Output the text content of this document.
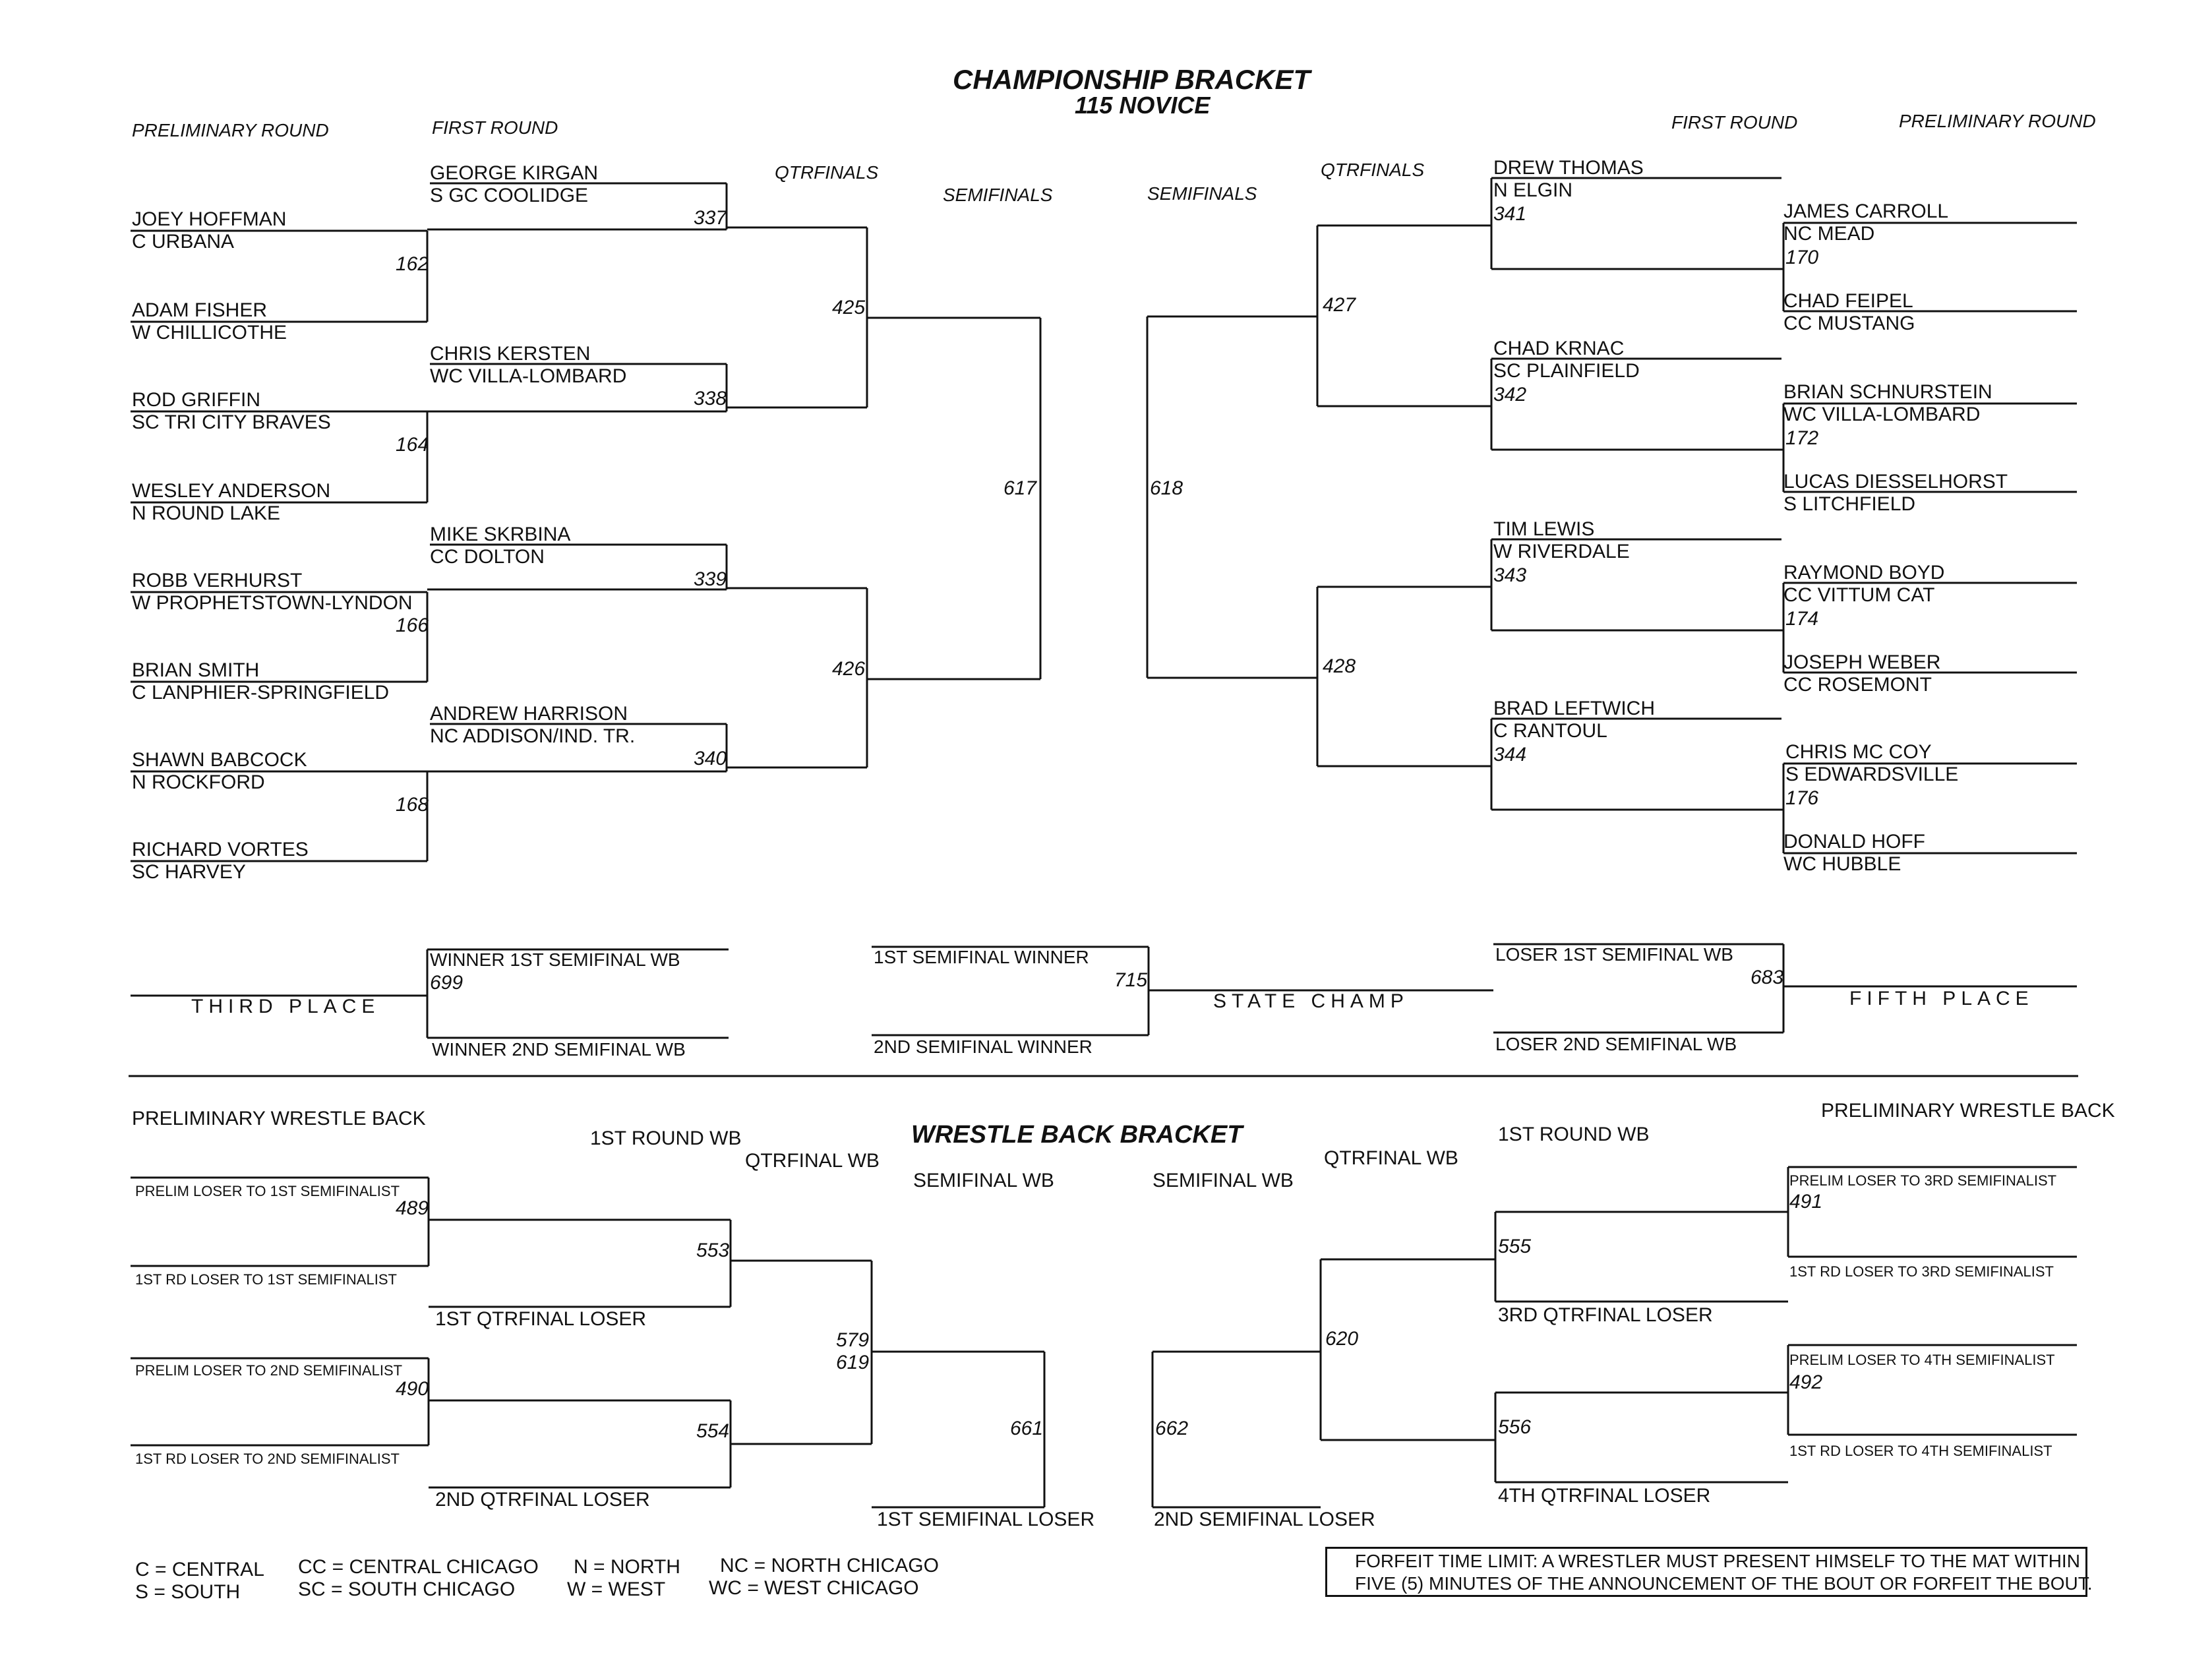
CHAMPIONSHIP BRACKET
115 NOVICE
PRELIMINARY ROUND	FIRST ROUND
QTRFINALS
SEMIFINALS	SEMIFINALS
QTRFINALS
FIRST ROUND	PRELIMINARY ROUND
JOEY HOFFMAN
C URBANA
ADAM FISHER
W CHILLICOTHE
ROD GRIFFIN
SC TRI CITY BRAVES
WESLEY ANDERSON
N ROUND LAKE
ROBB VERHURST
W PROPHETSTOWN-LYNDON
BRIAN SMITH
C LANPHIER-SPRINGFIELD
SHAWN BABCOCK
N ROCKFORD
RICHARD VORTES
SC HARVEY
162
164
166
168
GEORGE KIRGAN
S GC COOLIDGE
337
CHRIS KERSTEN
WC VILLA-LOMBARD
338
MIKE SKRBINA
CC DOLTON
339
ANDREW HARRISON
NC ADDISON/IND. TR.
340
425
426
617	618
427
428
DREW THOMAS
N ELGIN
341
CHAD KRNAC
SC PLAINFIELD
342
TIM LEWIS
W RIVERDALE
343
BRAD LEFTWICH
C RANTOUL
344
JAMES CARROLL
NC MEAD
170
CHAD FEIPEL
CC MUSTANG
BRIAN SCHNURSTEIN
WC VILLA-LOMBARD
172
LUCAS DIESSELHORST
S LITCHFIELD
RAYMOND BOYD
CC VITTUM CAT
174
JOSEPH WEBER
CC ROSEMONT
CHRIS MC COY
S EDWARDSVILLE
176
DONALD HOFF
WC HUBBLE
THIRD PLACE
WINNER 1ST SEMIFINAL WB
699
WINNER 2ND SEMIFINAL WB
1ST SEMIFINAL WINNER
715
2ND SEMIFINAL WINNER
STATE CHAMP
LOSER 1ST SEMIFINAL WB
683
LOSER 2ND SEMIFINAL WB
FIFTH PLACE
WRESTLE BACK BRACKET
PRELIMINARY WRESTLE BACK
1ST ROUND WB
QTRFINAL WB
SEMIFINAL WB	SEMIFINAL WB
QTRFINAL WB
1ST ROUND WB
PRELIMINARY WRESTLE BACK
PRELIM LOSER TO 1ST SEMIFINALIST
489
1ST RD LOSER TO 1ST SEMIFINALIST
PRELIM LOSER TO 2ND SEMIFINALIST
490
1ST RD LOSER TO 2ND SEMIFINALIST
553
1ST QTRFINAL LOSER
554
2ND QTRFINAL LOSER
579
619
661
1ST SEMIFINAL LOSER
662
2ND SEMIFINAL LOSER
620
555
3RD QTRFINAL LOSER
556
4TH QTRFINAL LOSER
PRELIM LOSER TO 3RD SEMIFINALIST
491
1ST RD LOSER TO 3RD SEMIFINALIST
PRELIM LOSER TO 4TH SEMIFINALIST
492
1ST RD LOSER TO 4TH SEMIFINALIST
C = CENTRAL CC = CENTRAL CHICAGO N = NORTH NC = NORTH CHICAGO
S = SOUTH	SC = SOUTH CHICAGO	W = WEST WC = WEST CHICAGO
FORFEIT TIME LIMIT: A WRESTLER MUST PRESENT HIMSELF TO THE MAT WITHIN
FIVE (5) MINUTES OF THE ANNOUNCEMENT OF THE BOUT OR FORFEIT THE BOUT.
